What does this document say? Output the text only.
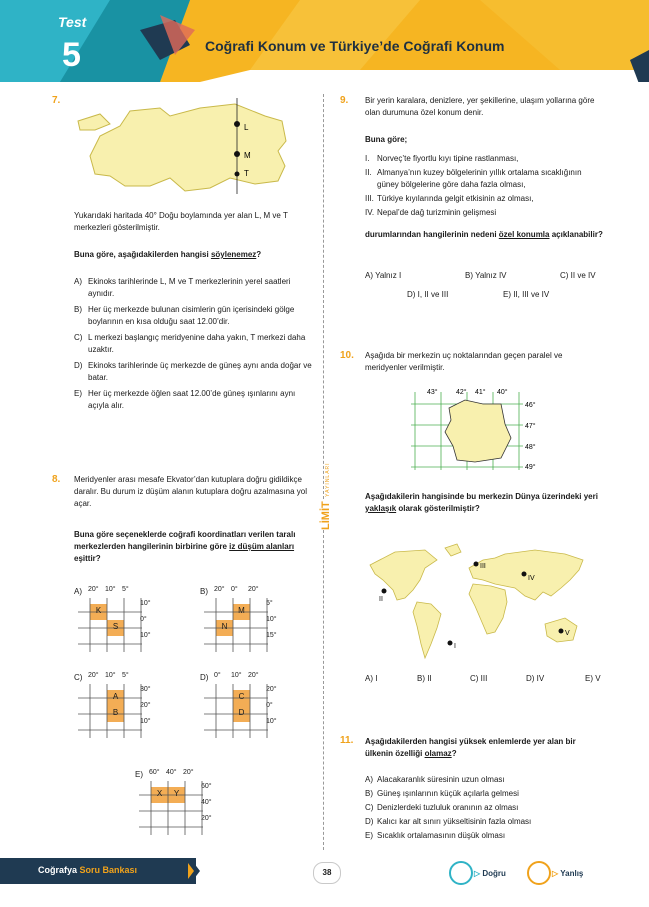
Test
5	Coğrafi Konum ve Türkiye’de Coğrafi Konum
LİMİT YAYINLARI
7.
L
M
T
Yukarıdaki haritada 40° Doğu boylamında yer alan L, M ve T merkezleri gösterilmiştir.
Buna göre, aşağıdakilerden hangisi söylenemez?
A) Ekinoks tarihlerinde L, M ve T merkezlerinin yerel saatleri aynıdır.
B) Her üç merkezde bulunan cisimlerin gün içerisindeki gölge boylarının en kısa olduğu saat 12.00’dir.
C) L merkezi başlangıç meridyenine daha yakın, T merkezi daha uzaktır.
D) Ekinoks tarihlerinde üç merkezde de güneş aynı anda doğar ve batar.
E) Her üç merkezde öğlen saat 12.00’de güneş ışınlarını aynı açıyla alır.
8. Meridyenler arası mesafe Ekvator’dan kutuplara doğru gidildikçe daralır. Bu durum iz düşüm alanın kutuplara doğru azalmasına yol açar.
Buna göre seçeneklerde coğrafi koordinatları verilen taralı merkezlerden hangilerinin birbirine göre iz düşüm alanları eşittir?
A) 20° 10° 5°
10°
0°
10°
K
S
B) 20° 0° 20°
5°
10°
15°
M
N
C) 20° 10° 5°
30°
20°
10°
A
B
D) 0° 10° 20°
20°
0°
10°
C
D
E) 60° 40° 20°
60°
40°
20°
X	Y
9. Bir yerin karalara, denizlere, yer şekillerine, ulaşım yollarına göre olan durumuna özel konum denir.
Buna göre;
I. Norveç’te fiyortlu kıyı tipine rastlanması,
II. Almanya’nın kuzey bölgelerinin yıllık ortalama sıcaklığının güney bölgelerine göre daha fazla olması,
III. Türkiye kıyılarında gelgit etkisinin az olması,
IV. Nepal’de dağ turizminin gelişmesi
durumlarından hangilerinin nedeni özel konumla açıklanabilir?
A) Yalnız I	B) Yalnız IV	C) II ve IV
D) I, II ve III	E) II, III ve IV
10. Aşağıda bir merkezin uç noktalarından geçen paralel ve meridyenler verilmiştir.
43°	42° 41° 40°
46°
47°
48°
49°
Aşağıdakilerin hangisinde bu merkezin Dünya üzerindeki yeri yaklaşık olarak gösterilmiştir?
I
II
III
IV
V
A) I	B) II	C) III	D) IV	E) V
11. Aşağıdakilerden hangisi yüksek enlemlerde yer alan bir ülkenin özelliği olamaz?
A) Alacakaranlık süresinin uzun olması
B) Güneş ışınlarının küçük açılarla gelmesi
C) Denizlerdeki tuzluluk oranının az olması
D) Kalıcı kar alt sınırı yükseltisinin fazla olması
E) Sıcaklık ortalamasının düşük olması
Coğrafya Soru Bankası	38	▷ Doğru	▷ Yanlış
